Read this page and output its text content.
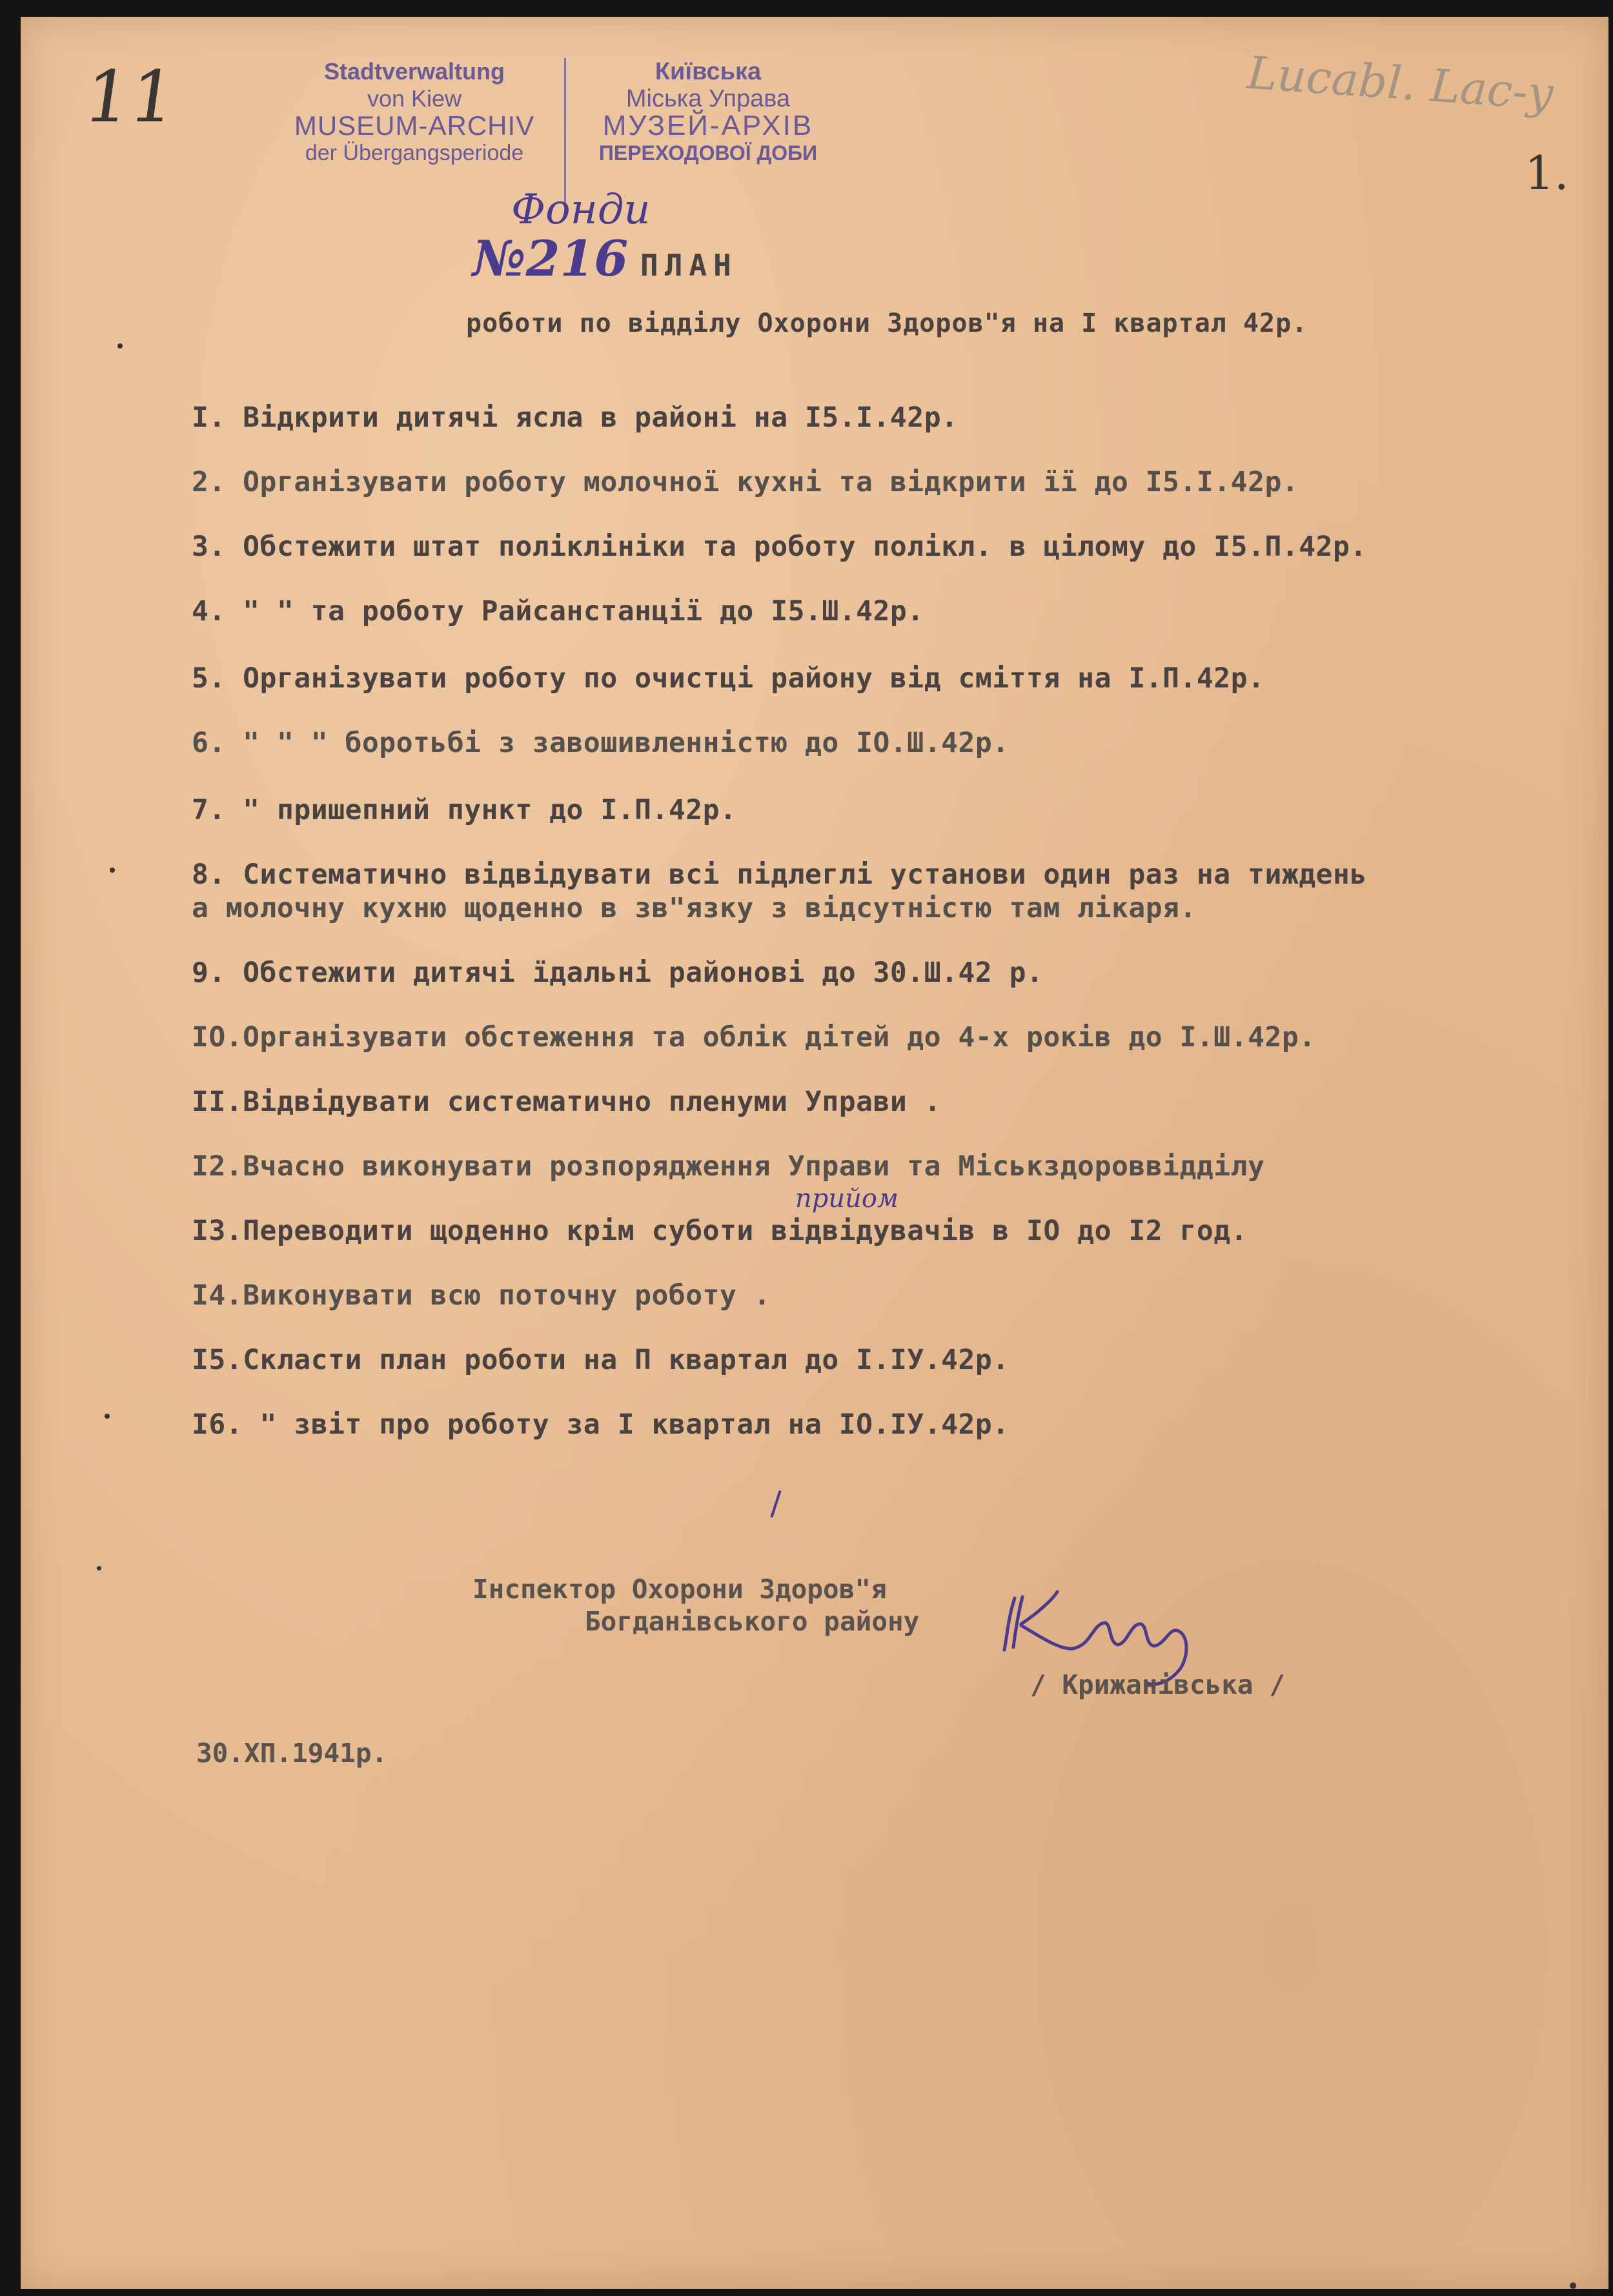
11	Lucabl. Lac-y
1.
Stadtverwaltung
von Kiew
MUSEUM-ARCHIV
der Übergangsperiode
Київська
Міська Управа
МУЗЕЙ-АРХІВ
ПЕРЕХОДОВОЇ ДОБИ
Фонди
№216 ПЛАН
роботи по відділу Охорони Здоров"я на I квартал 42р.
I. Відкрити дитячі ясла в районі на I5.I.42р.
2. Організувати роботу молочної кухні та відкрити її до I5.I.42р.
3. Обстежити штат поліклініки та роботу полікл. в цілому до I5.П.42р.
4. " " та роботу Райсанстанції до I5.Ш.42р.
5. Організувати роботу по очистці району від сміття на I.П.42р.
6. " " " боротьбі з завошивленністю до IO.Ш.42р.
7. " пришепний пункт до I.П.42р.
8. Систематично відвідувати всі підлеглі установи один раз на тиждень
а молочну кухню щоденно в зв"язку з відсутністю там лікаря.
9. Обстежити дитячі їдальні районові до 30.Ш.42 р.
IO.Організувати обстеження та облік дітей до 4-х років до I.Ш.42р.
II.Відвідувати систематично пленуми Управи .
I2.Вчасно виконувати розпорядження Управи та Міськздороввідділу
прийом
I3.Переводити щоденно крім суботи відвідувачів в IO до I2 год.
I4.Виконувати всю поточну роботу .
I5.Скласти план роботи на П квартал до I.IУ.42р.
I6. " звіт про роботу за I квартал на IO.IУ.42р.
Інспектор Охорони Здоров"я
Богданівського району
/ Крижанівська /
30.ХП.1941р.
